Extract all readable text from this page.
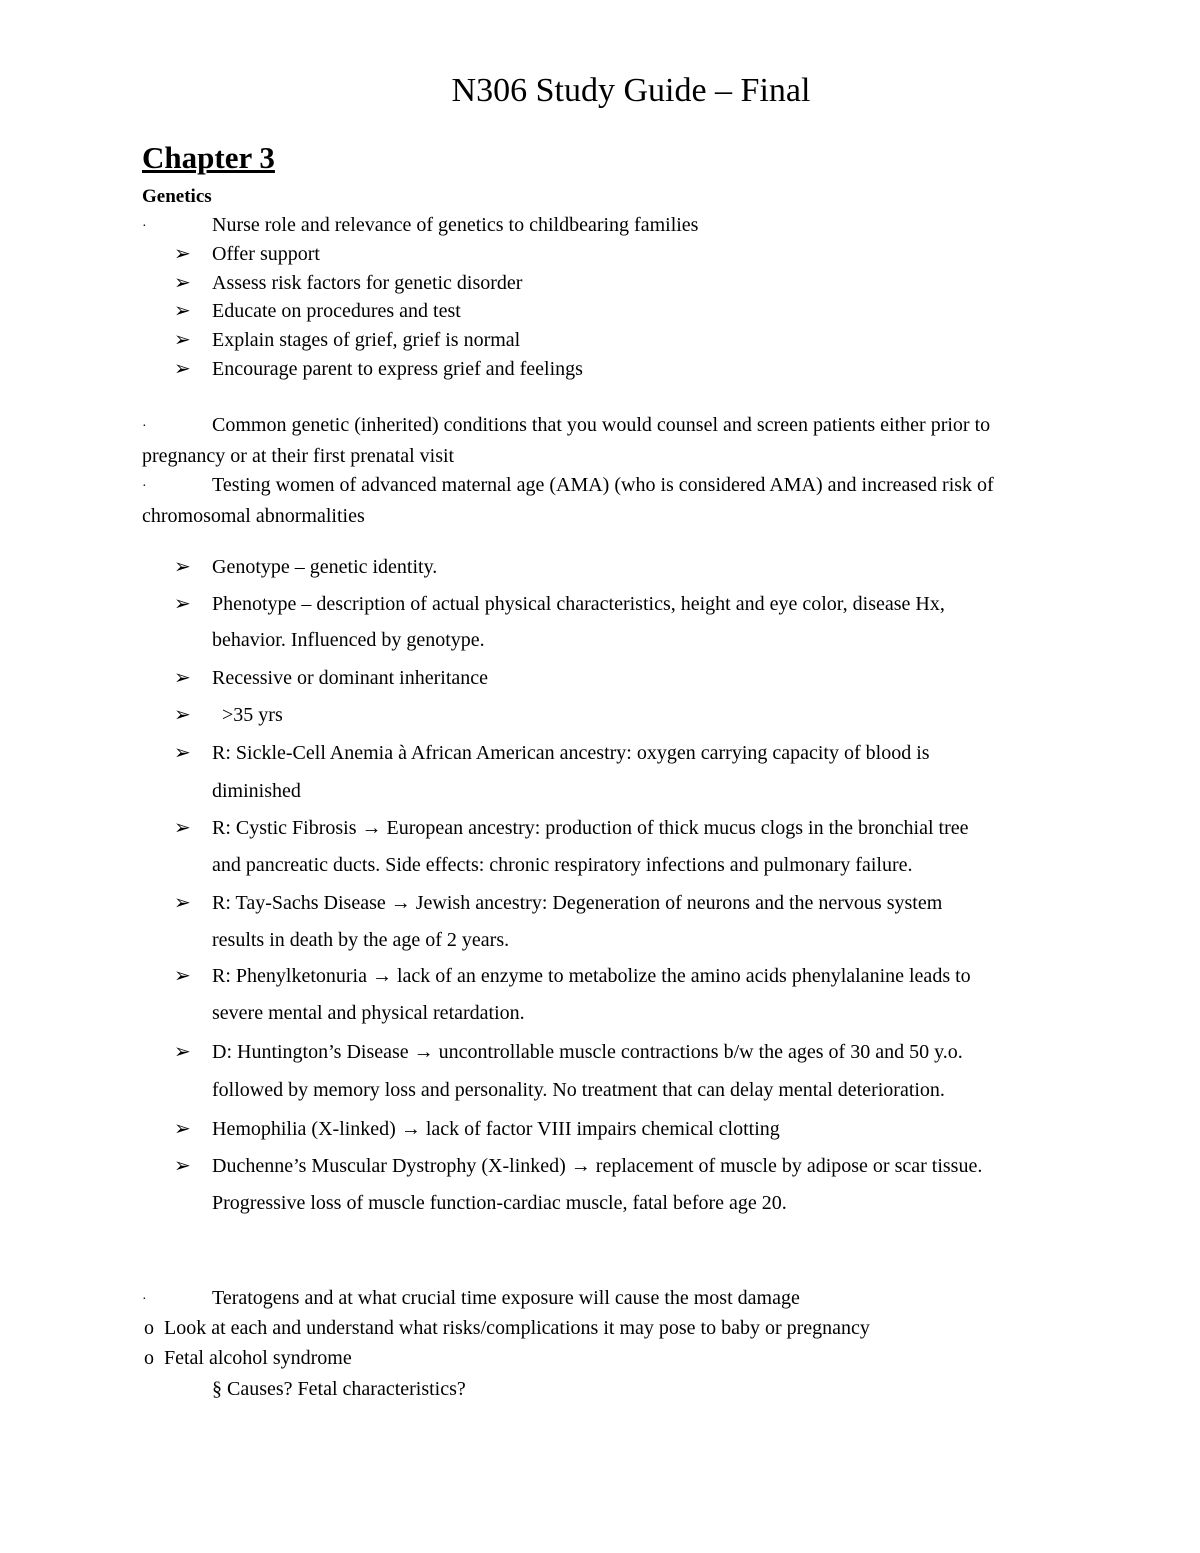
N306 Study Guide – Final
Chapter 3
Genetics
·	Nurse role and relevance of genetics to childbearing families
➢ Offer support
➢ Assess risk factors for genetic disorder
➢ Educate on procedures and test
➢ Explain stages of grief, grief is normal
➢ Encourage parent to express grief and feelings
·	Common genetic (inherited) conditions that you would counsel and screen patients either prior to
pregnancy or at their first prenatal visit
·	Testing women of advanced maternal age (AMA) (who is considered AMA) and increased risk of
chromosomal abnormalities
➢ Genotype – genetic identity.
➢ Phenotype – description of actual physical characteristics, height and eye color, disease Hx,
behavior. Influenced by genotype.
➢ Recessive or dominant inheritance
➢ >35 yrs
➢ R: Sickle-Cell Anemia à African American ancestry: oxygen carrying capacity of blood is
diminished
➢ R: Cystic Fibrosis → European ancestry: production of thick mucus clogs in the bronchial tree
and pancreatic ducts. Side effects: chronic respiratory infections and pulmonary failure.
➢ R: Tay-Sachs Disease → Jewish ancestry: Degeneration of neurons and the nervous system
results in death by the age of 2 years.
➢ R: Phenylketonuria → lack of an enzyme to metabolize the amino acids phenylalanine leads to
severe mental and physical retardation.
➢ D: Huntington’s Disease → uncontrollable muscle contractions b/w the ages of 30 and 50 y.o.
followed by memory loss and personality. No treatment that can delay mental deterioration.
➢ Hemophilia (X-linked) → lack of factor VIII impairs chemical clotting
➢ Duchenne’s Muscular Dystrophy (X-linked) → replacement of muscle by adipose or scar tissue.
Progressive loss of muscle function-cardiac muscle, fatal before age 20.
·	Teratogens and at what crucial time exposure will cause the most damage
o Look at each and understand what risks/complications it may pose to baby or pregnancy
o Fetal alcohol syndrome
§ Causes? Fetal characteristics?
